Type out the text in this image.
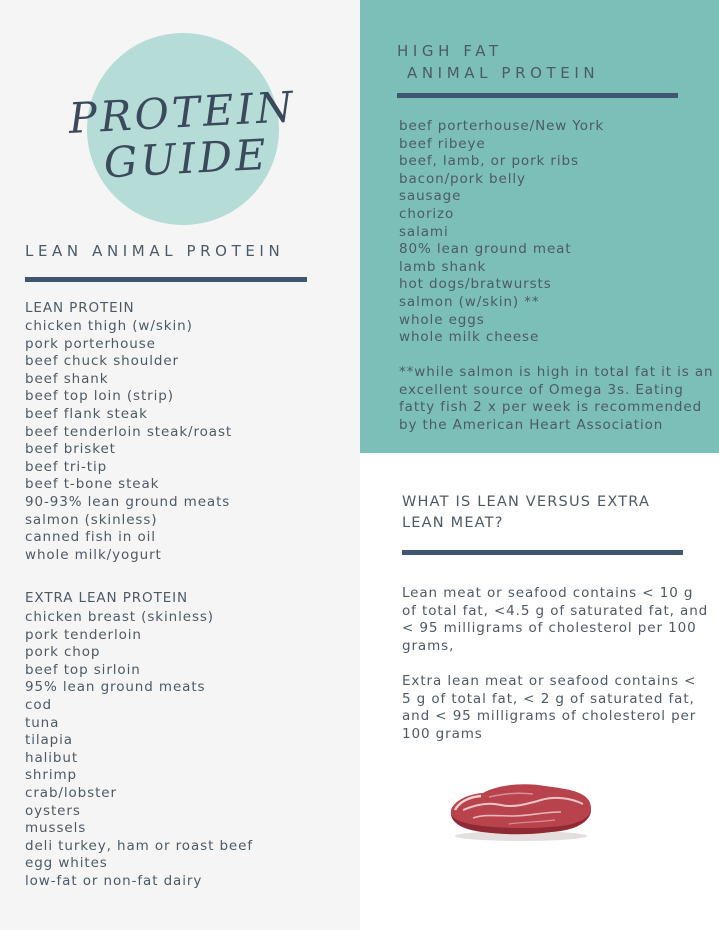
PROTEIN
GUIDE
LEAN ANIMAL PROTEIN
LEAN PROTEIN
chicken thigh (w/skin)
pork porterhouse
beef chuck shoulder
beef shank
beef top loin (strip)
beef flank steak
beef tenderloin steak/roast
beef brisket
beef tri-tip
beef t-bone steak
90-93% lean ground meats
salmon (skinless)
canned fish in oil
whole milk/yogurt
EXTRA LEAN PROTEIN
chicken breast (skinless)
pork tenderloin
pork chop
beef top sirloin
95% lean ground meats
cod
tuna
tilapia
halibut
shrimp
crab/lobster
oysters
mussels
deli turkey, ham or roast beef
egg whites
low-fat or non-fat dairy
HIGH FAT
ANIMAL PROTEIN
beef porterhouse/New York
beef ribeye
beef, lamb, or pork ribs
bacon/pork belly
sausage
chorizo
salami
80% lean ground meat
lamb shank
hot dogs/bratwursts
salmon (w/skin) **
whole eggs
whole milk cheese
**while salmon is high in total fat it is an
excellent source of Omega 3s. Eating
fatty fish 2 x per week is recommended
by the American Heart Association
WHAT IS LEAN VERSUS EXTRA
LEAN MEAT?
Lean meat or seafood contains < 10 g
of total fat, <4.5 g of saturated fat, and
< 95 milligrams of cholesterol per 100
grams,
Extra lean meat or seafood contains <
5 g of total fat, < 2 g of saturated fat,
and < 95 milligrams of cholesterol per
100 grams
